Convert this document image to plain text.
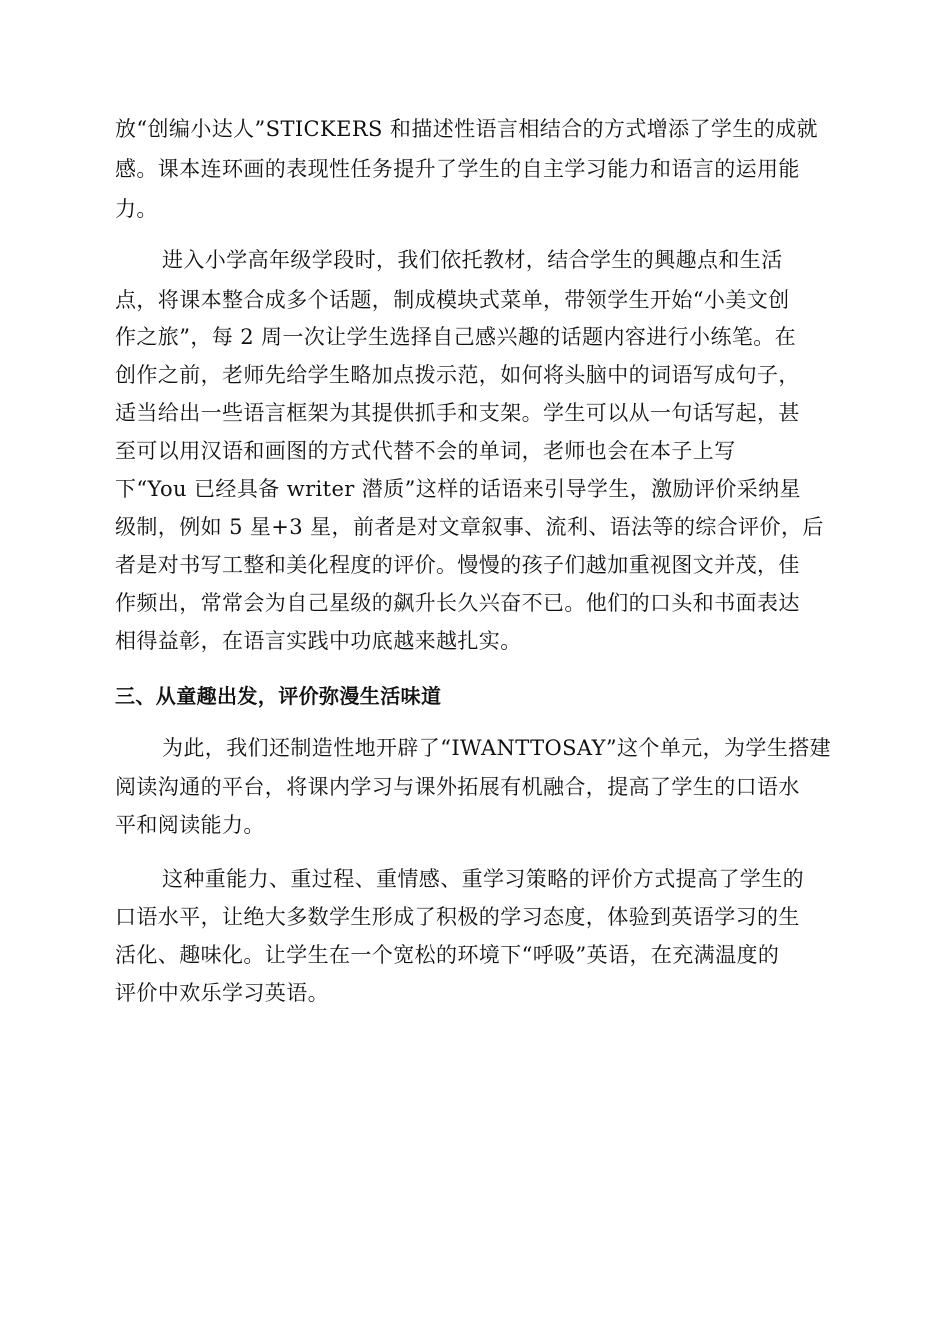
放“创编小达人”STICKERS 和描述性语言相结合的方式增添了学生的成就
感。课本连环画的表现性任务提升了学生的自主学习能力和语言的运用能
力。
进入小学高年级学段时，我们依托教材，结合学生的興趣点和生活
点，将课本整合成多个话题，制成模块式菜单，带领学生开始“小美文创
作之旅”，每 2 周一次让学生选择自己感兴趣的话题内容进行小练笔。在
创作之前，老师先给学生略加点拨示范，如何将头脑中的词语写成句子，
适当给出一些语言框架为其提供抓手和支架。学生可以从一句话写起，甚
至可以用汉语和画图的方式代替不会的单词，老师也会在本子上写
下“You 已经具备 writer 潜质”这样的话语来引导学生，激励评价采纳星
级制，例如 5 星+3 星，前者是对文章叙事、流利、语法等的综合评价，后
者是对书写工整和美化程度的评价。慢慢的孩子们越加重视图文并茂，佳
作频出，常常会为自己星级的飙升长久兴奋不已。他们的口头和书面表达
相得益彰，在语言实践中功底越来越扎实。
三、从童趣出发，评价弥漫生活味道
为此，我们还制造性地开辟了“IWANTTOSAY”这个单元，为学生搭建
阅读沟通的平台，将课内学习与课外拓展有机融合，提高了学生的口语水
平和阅读能力。
这种重能力、重过程、重情感、重学习策略的评价方式提高了学生的
口语水平，让绝大多数学生形成了积极的学习态度，体验到英语学习的生
活化、趣味化。让学生在一个宽松的环境下“呼吸”英语，在充满温度的
评价中欢乐学习英语。
